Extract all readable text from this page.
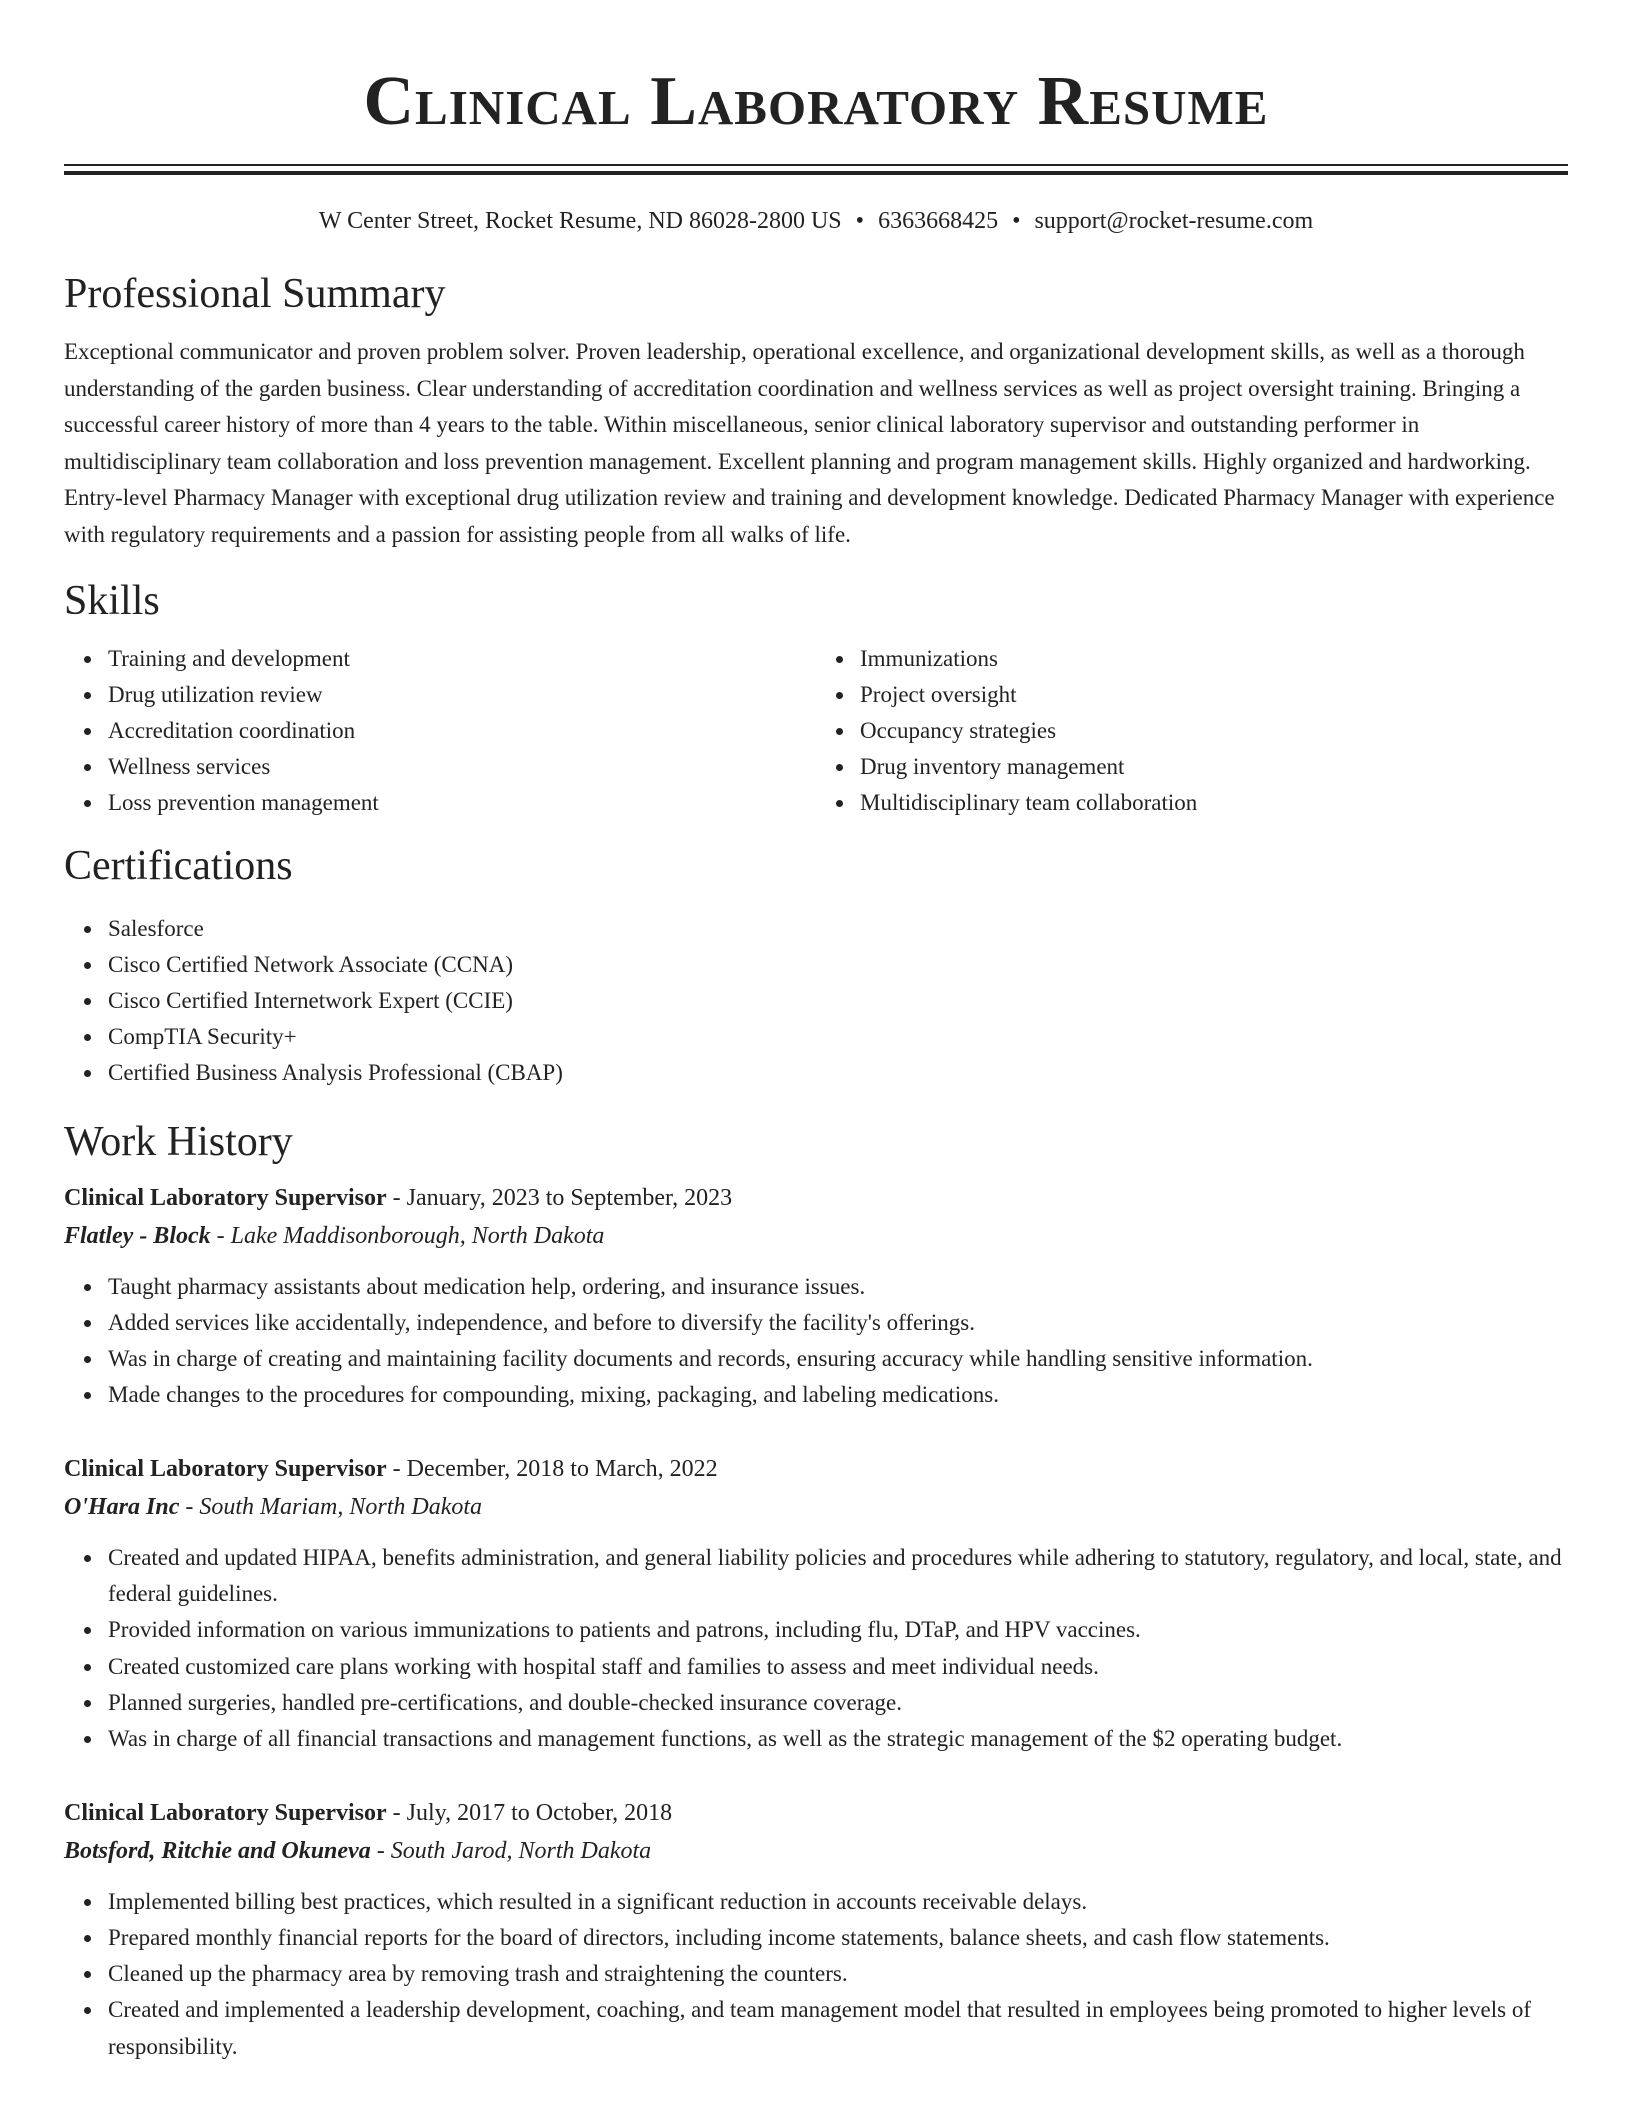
Clinical Laboratory Resume
W Center Street, Rocket Resume, ND 86028-2800 US • 6363668425 • support@rocket-resume.com
Professional Summary
Exceptional communicator and proven problem solver. Proven leadership, operational excellence, and organizational development skills, as well as a thorough understanding of the garden business. Clear understanding of accreditation coordination and wellness services as well as project oversight training. Bringing a successful career history of more than 4 years to the table. Within miscellaneous, senior clinical laboratory supervisor and outstanding performer in multidisciplinary team collaboration and loss prevention management. Excellent planning and program management skills. Highly organized and hardworking. Entry-level Pharmacy Manager with exceptional drug utilization review and training and development knowledge. Dedicated Pharmacy Manager with experience with regulatory requirements and a passion for assisting people from all walks of life.
Skills
Training and development
Drug utilization review
Accreditation coordination
Wellness services
Loss prevention management
Immunizations
Project oversight
Occupancy strategies
Drug inventory management
Multidisciplinary team collaboration
Certifications
Salesforce
Cisco Certified Network Associate (CCNA)
Cisco Certified Internetwork Expert (CCIE)
CompTIA Security+
Certified Business Analysis Professional (CBAP)
Work History
Clinical Laboratory Supervisor - January, 2023 to September, 2023
Flatley - Block - Lake Maddisonborough, North Dakota
Taught pharmacy assistants about medication help, ordering, and insurance issues.
Added services like accidentally, independence, and before to diversify the facility's offerings.
Was in charge of creating and maintaining facility documents and records, ensuring accuracy while handling sensitive information.
Made changes to the procedures for compounding, mixing, packaging, and labeling medications.
Clinical Laboratory Supervisor - December, 2018 to March, 2022
O'Hara Inc - South Mariam, North Dakota
Created and updated HIPAA, benefits administration, and general liability policies and procedures while adhering to statutory, regulatory, and local, state, and federal guidelines.
Provided information on various immunizations to patients and patrons, including flu, DTaP, and HPV vaccines.
Created customized care plans working with hospital staff and families to assess and meet individual needs.
Planned surgeries, handled pre-certifications, and double-checked insurance coverage.
Was in charge of all financial transactions and management functions, as well as the strategic management of the $2 operating budget.
Clinical Laboratory Supervisor - July, 2017 to October, 2018
Botsford, Ritchie and Okuneva - South Jarod, North Dakota
Implemented billing best practices, which resulted in a significant reduction in accounts receivable delays.
Prepared monthly financial reports for the board of directors, including income statements, balance sheets, and cash flow statements.
Cleaned up the pharmacy area by removing trash and straightening the counters.
Created and implemented a leadership development, coaching, and team management model that resulted in employees being promoted to higher levels of responsibility.
